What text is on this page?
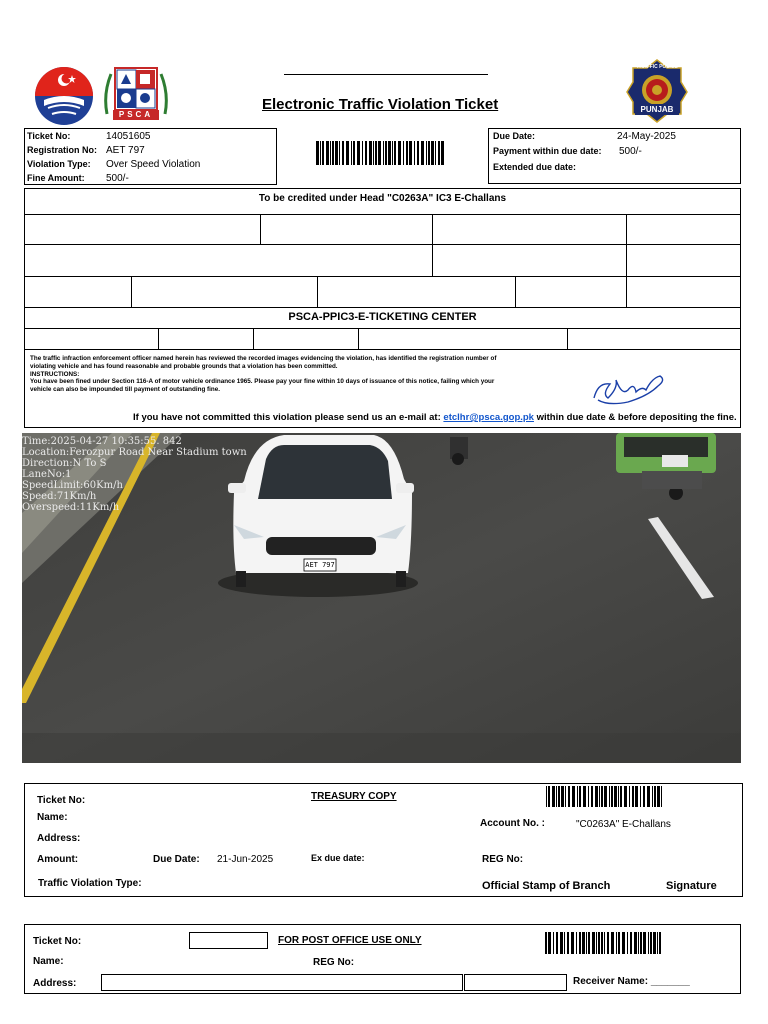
PSCA
Electronic Traffic Violation Ticket
TRAFFIC POLICE
PUNJAB
Ticket No:	14051605
Registration No: AET 797
Violation Type: Over Speed Violation
Fine Amount: 500/-
Due Date:	24-May-2025
Payment within due date: 500/-
Extended due date:
To be credited under Head "C0263A" IC3 E-Challans
PSCA-PPIC3-E-TICKETING CENTER
The traffic infraction enforcement officer named herein has reviewed the recorded images evidencing the violation, has identified the registration number of
violating vehicle and has found reasonable and probable grounds that a violation has been committed.
INSTRUCTIONS:
You have been fined under Section 116-A of motor vehicle ordinance 1965. Please pay your fine within 10 days of issuance of this notice, failing which your
vehicle can also be impounded till payment of outstanding fine.
If you have not committed this violation please send us an e-mail at: etclhr@psca.gop.pk within due date & before depositing the fine.
Time:2025-04-27 10:35:55. 842
Location:Ferozpur Road Near Stadium town
Direction:N To S
LaneNo:1
SpeedLimit:60Km/h
Speed:71Km/h
Overspeed:11Km/h
AET 797
Ticket No:	TREASURY COPY
Name:
Account No. :	"C0263A" E-Challans
Address:
Amount:	Due Date: 21-Jun-2025	Ex due date:	REG No:
Traffic Violation Type:	Official Stamp of Branch	Signature
Ticket No:	FOR POST OFFICE USE ONLY
Name:	REG No:
Address:	Receiver Name: _______
